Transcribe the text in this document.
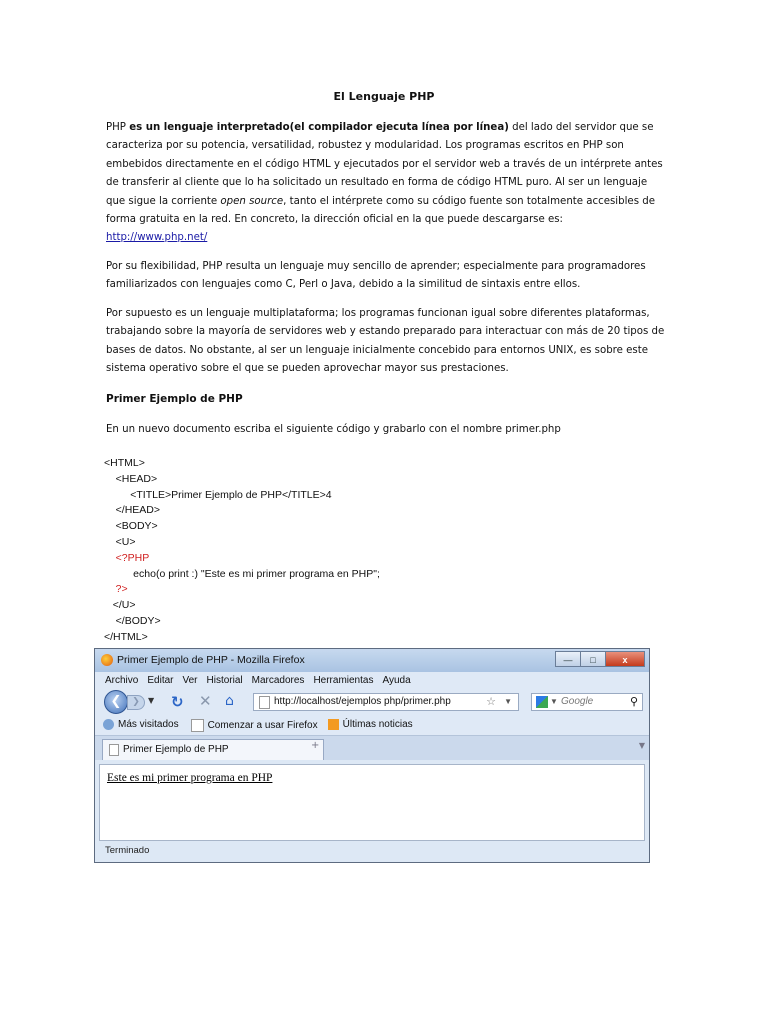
El Lenguaje PHP
PHP es un lenguaje interpretado(el compilador ejecuta línea por línea) del lado del servidor que se caracteriza por su potencia, versatilidad, robustez y modularidad. Los programas escritos en PHP son embebidos directamente en el código HTML y ejecutados por el servidor web a través de un intérprete antes de transferir al cliente que lo ha solicitado un resultado en forma de código HTML puro. Al ser un lenguaje que sigue la corriente open source, tanto el intérprete como su código fuente son totalmente accesibles de forma gratuita en la red. En concreto, la dirección oficial en la que puede descargarse es: http://www.php.net/
Por su flexibilidad, PHP resulta un lenguaje muy sencillo de aprender; especialmente para programadores familiarizados con lenguajes como C, Perl o Java, debido a la similitud de sintaxis entre ellos.
Por supuesto es un lenguaje multiplataforma; los programas funcionan igual sobre diferentes plataformas, trabajando sobre la mayoría de servidores web y estando preparado para interactuar con más de 20 tipos de bases de datos. No obstante, al ser un lenguaje inicialmente concebido para entornos UNIX, es sobre este sistema operativo sobre el que se pueden aprovechar mayor sus prestaciones.
Primer Ejemplo de PHP
En un nuevo documento escriba el siguiente código y grabarlo con el nombre primer.php
<HTML>
<HEAD>
<TITLE>Primer Ejemplo de PHP</TITLE>4
</HEAD>
<BODY>
<U>
<?PHP
echo(o print :) "Este es mi primer programa en PHP";
?>
</U>
</BODY>
</HTML>
Primer Ejemplo de PHP - Mozilla Firefox	—	□	x
Archivo Editar Ver Historial Marcadores Herramientas Ayuda
❮	❯	▼ ↻ ✕ ⌂	http://localhost/ejemplos php/primer.php	☆ ▼	▼ Google	⚲
Más visitados	Comenzar a usar Firefox	Últimas noticias
Primer Ejemplo de PHP	+	▼
Este es mi primer programa en PHP
Terminado
